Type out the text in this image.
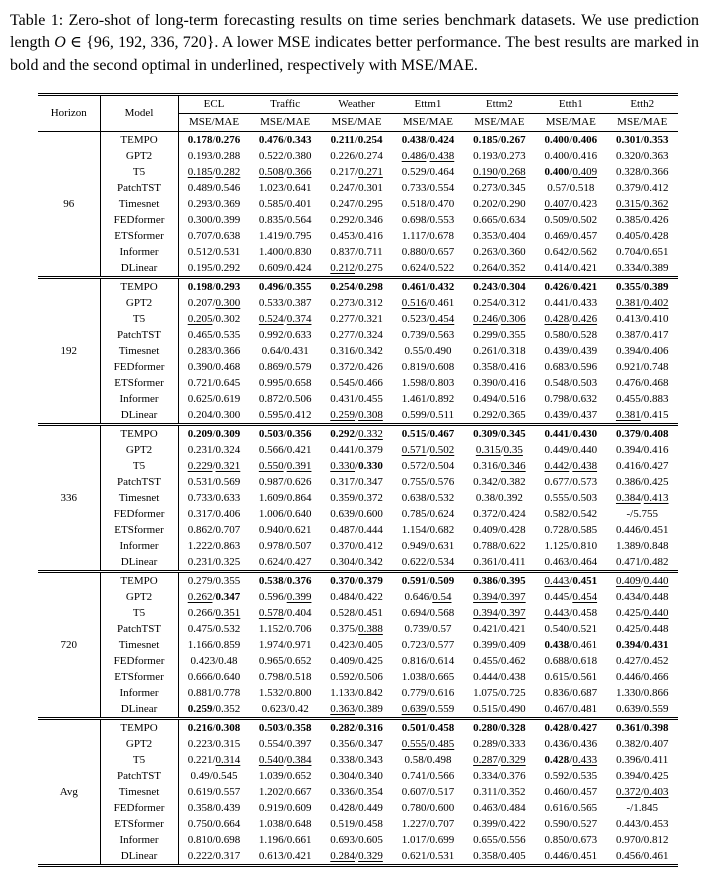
Table 1: Zero-shot of long-term forecasting results on time series benchmark datasets. We use prediction length O ∈ {96, 192, 336, 720}. A lower MSE indicates better performance. The best results are marked in bold and the second optimal in underlined, respectively with MSE/MAE.

Horizon	Model	ECL	Traffic	Weather	Ettm1	Ettm2	Etth1	Etth2
		MSE/MAE	MSE/MAE	MSE/MAE	MSE/MAE	MSE/MAE	MSE/MAE	MSE/MAE
96	TEMPO	0.178/0.276	0.476/0.343	0.211/0.254	0.438/0.424	0.185/0.267	0.400/0.406	0.301/0.353
	GPT2	0.193/0.288	0.522/0.380	0.226/0.274	0.486/0.438	0.193/0.273	0.400/0.416	0.320/0.363
	T5	0.185/0.282	0.508/0.366	0.217/0.271	0.529/0.464	0.190/0.268	0.400/0.409	0.328/0.366
	PatchTST	0.489/0.546	1.023/0.641	0.247/0.301	0.733/0.554	0.273/0.345	0.57/0.518	0.379/0.412
	Timesnet	0.293/0.369	0.585/0.401	0.247/0.295	0.518/0.470	0.202/0.290	0.407/0.423	0.315/0.362
	FEDformer	0.300/0.399	0.835/0.564	0.292/0.346	0.698/0.553	0.665/0.634	0.509/0.502	0.385/0.426
	ETSformer	0.707/0.638	1.419/0.795	0.453/0.416	1.117/0.678	0.353/0.404	0.469/0.457	0.405/0.428
	Informer	0.512/0.531	1.400/0.830	0.837/0.711	0.880/0.657	0.263/0.360	0.642/0.562	0.704/0.651
	DLinear	0.195/0.292	0.609/0.424	0.212/0.275	0.624/0.522	0.264/0.352	0.414/0.421	0.334/0.389
192	TEMPO	0.198/0.293	0.496/0.355	0.254/0.298	0.461/0.432	0.243/0.304	0.426/0.421	0.355/0.389
	GPT2	0.207/0.300	0.533/0.387	0.273/0.312	0.516/0.461	0.254/0.312	0.441/0.433	0.381/0.402
	T5	0.205/0.302	0.524/0.374	0.277/0.321	0.523/0.454	0.246/0.306	0.428/0.426	0.413/0.410
	PatchTST	0.465/0.535	0.992/0.633	0.277/0.324	0.739/0.563	0.299/0.355	0.580/0.528	0.387/0.417
	Timesnet	0.283/0.366	0.64/0.431	0.316/0.342	0.55/0.490	0.261/0.318	0.439/0.439	0.394/0.406
	FEDformer	0.390/0.468	0.869/0.579	0.372/0.426	0.819/0.608	0.358/0.416	0.683/0.596	0.921/0.748
	ETSformer	0.721/0.645	0.995/0.658	0.545/0.466	1.598/0.803	0.390/0.416	0.548/0.503	0.476/0.468
	Informer	0.625/0.619	0.872/0.506	0.431/0.455	1.461/0.892	0.494/0.516	0.798/0.632	0.455/0.883
	DLinear	0.204/0.300	0.595/0.412	0.259/0.308	0.599/0.511	0.292/0.365	0.439/0.437	0.381/0.415
336	TEMPO	0.209/0.309	0.503/0.356	0.292/0.332	0.515/0.467	0.309/0.345	0.441/0.430	0.379/0.408
	GPT2	0.231/0.324	0.566/0.421	0.441/0.379	0.571/0.502	0.315/0.35	0.449/0.440	0.394/0.416
	T5	0.229/0.321	0.550/0.391	0.330/0.330	0.572/0.504	0.316/0.346	0.442/0.438	0.416/0.427
	PatchTST	0.531/0.569	0.987/0.626	0.317/0.347	0.755/0.576	0.342/0.382	0.677/0.573	0.386/0.425
	Timesnet	0.733/0.633	1.609/0.864	0.359/0.372	0.638/0.532	0.38/0.392	0.555/0.503	0.384/0.413
	FEDformer	0.317/0.406	1.006/0.640	0.639/0.600	0.785/0.624	0.372/0.424	0.582/0.542	-/5.755
	ETSformer	0.862/0.707	0.940/0.621	0.487/0.444	1.154/0.682	0.409/0.428	0.728/0.585	0.446/0.451
	Informer	1.222/0.863	0.978/0.507	0.370/0.412	0.949/0.631	0.788/0.622	1.125/0.810	1.389/0.848
	DLinear	0.231/0.325	0.624/0.427	0.304/0.342	0.622/0.534	0.361/0.411	0.463/0.464	0.471/0.482
720	TEMPO	0.279/0.355	0.538/0.376	0.370/0.379	0.591/0.509	0.386/0.395	0.443/0.451	0.409/0.440
	GPT2	0.262/0.347	0.596/0.399	0.484/0.422	0.646/0.54	0.394/0.397	0.445/0.454	0.434/0.448
	T5	0.266/0.351	0.578/0.404	0.528/0.451	0.694/0.568	0.394/0.397	0.443/0.458	0.425/0.440
	PatchTST	0.475/0.532	1.152/0.706	0.375/0.388	0.739/0.57	0.421/0.421	0.540/0.521	0.425/0.448
	Timesnet	1.166/0.859	1.974/0.971	0.423/0.405	0.723/0.577	0.399/0.409	0.438/0.461	0.394/0.431
	FEDformer	0.423/0.48	0.965/0.652	0.409/0.425	0.816/0.614	0.455/0.462	0.688/0.618	0.427/0.452
	ETSformer	0.666/0.640	0.798/0.518	0.592/0.506	1.038/0.665	0.444/0.438	0.615/0.561	0.446/0.466
	Informer	0.881/0.778	1.532/0.800	1.133/0.842	0.779/0.616	1.075/0.725	0.836/0.687	1.330/0.866
	DLinear	0.259/0.352	0.623/0.42	0.363/0.389	0.639/0.559	0.515/0.490	0.467/0.481	0.639/0.559
Avg	TEMPO	0.216/0.308	0.503/0.358	0.282/0.316	0.501/0.458	0.280/0.328	0.428/0.427	0.361/0.398
	GPT2	0.223/0.315	0.554/0.397	0.356/0.347	0.555/0.485	0.289/0.333	0.436/0.436	0.382/0.407
	T5	0.221/0.314	0.540/0.384	0.338/0.343	0.58/0.498	0.287/0.329	0.428/0.433	0.396/0.411
	PatchTST	0.49/0.545	1.039/0.652	0.304/0.340	0.741/0.566	0.334/0.376	0.592/0.535	0.394/0.425
	Timesnet	0.619/0.557	1.202/0.667	0.336/0.354	0.607/0.517	0.311/0.352	0.460/0.457	0.372/0.403
	FEDformer	0.358/0.439	0.919/0.609	0.428/0.449	0.780/0.600	0.463/0.484	0.616/0.565	-/1.845
	ETSformer	0.750/0.664	1.038/0.648	0.519/0.458	1.227/0.707	0.399/0.422	0.590/0.527	0.443/0.453
	Informer	0.810/0.698	1.196/0.661	0.693/0.605	1.017/0.699	0.655/0.556	0.850/0.673	0.970/0.812
	DLinear	0.222/0.317	0.613/0.421	0.284/0.329	0.621/0.531	0.358/0.405	0.446/0.451	0.456/0.461
